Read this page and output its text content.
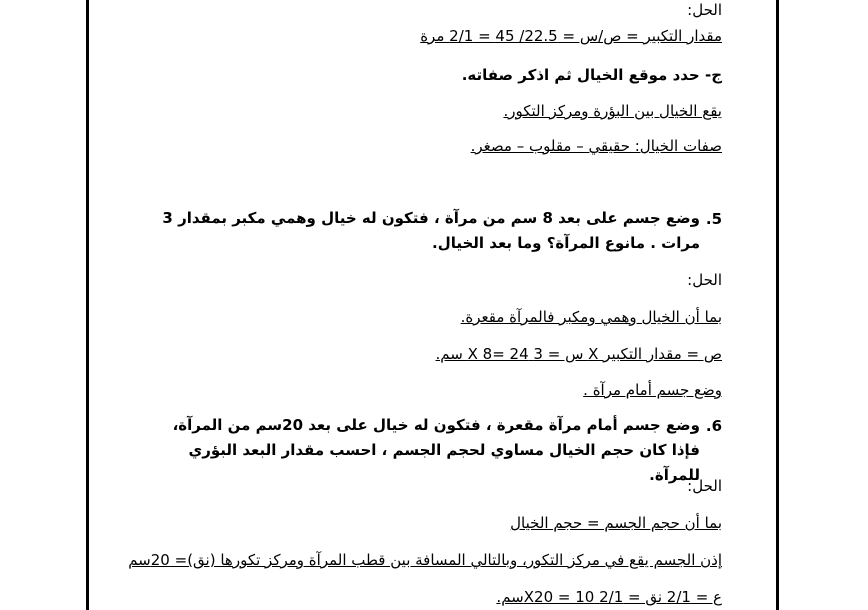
الحل:
مقدار التكبير = ص/س = 22.5/ 45 = 2/1 مرة
ج- حدد موقع الخيال ثم اذكر صفاته.
يقع الخيال بين البؤرة ومركز التكور.
صفات الخيال: حقيقي – مقلوب – مصغر.
5.
وضع جسم على بعد 8 سم من مرآة ، فتكون له خيال وهمي مكبر بمقدار 3 مرات . مانوع المرآة؟ وما بعد الخيال.
الحل:
بما أن الخيال وهمي ومكبر فالمرآة مقعرة.
ص = مقدار التكبير X س = 3 X 8= 24 سم.
وضع جسم أمام مرآة .
6.
وضع جسم أمام مرآة مقعرة ، فتكون له خيال على بعد 20سم من المرآة، فإذا كان حجم الخيال مساوي لحجم الجسم ، احسب مقدار البعد البؤري للمرآة.
الحل:
بما أن حجم الجسم = حجم الخيال
إذن الجسم يقع في مركز التكور، وبالتالي المسافة بين قطب المرآة ومركز تكورها (نق)= 20سم
ع = 2/1 نق = 2/1 X20 = 10سم.
